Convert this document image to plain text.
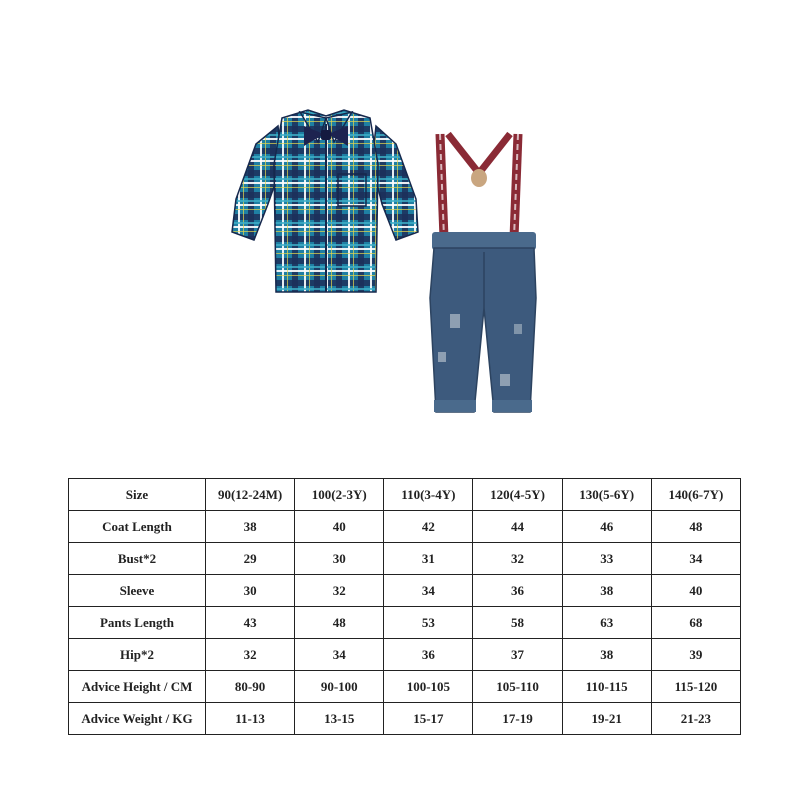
Size	90(12-24M)	100(2-3Y)	110(3-4Y)	120(4-5Y)	130(5-6Y)	140(6-7Y)
Coat Length	38	40	42	44	46	48
Bust*2	29	30	31	32	33	34
Sleeve	30	32	34	36	38	40
Pants Length	43	48	53	58	63	68
Hip*2	32	34	36	37	38	39
Advice Height / CM	80-90	90-100	100-105	105-110	110-115	115-120
Advice Weight / KG	11-13	13-15	15-17	17-19	19-21	21-23
